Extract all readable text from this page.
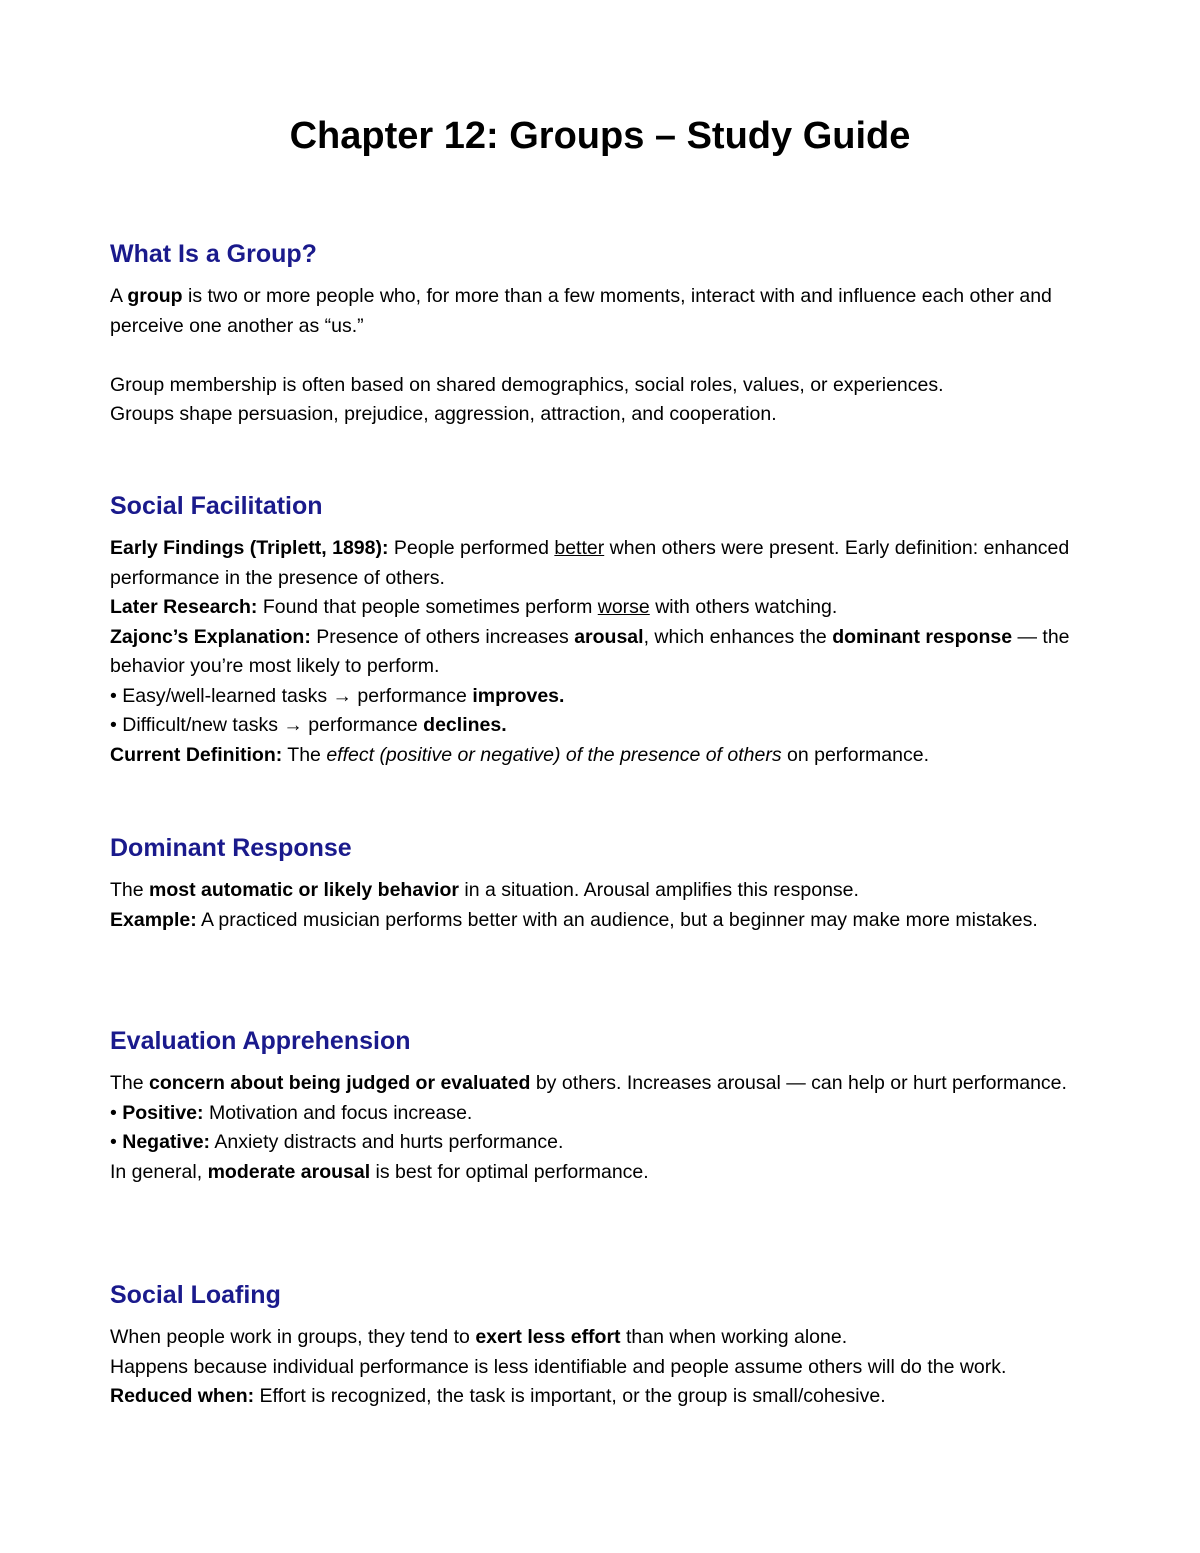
Chapter 12: Groups – Study Guide
What Is a Group?

A group is two or more people who, for more than a few moments, interact with and influence each other and perceive one another as “us.”

Group membership is often based on shared demographics, social roles, values, or experiences.

Groups shape persuasion, prejudice, aggression, attraction, and cooperation.

Social Facilitation

Early Findings (Triplett, 1898): People performed better when others were present. Early definition: enhanced performance in the presence of others.

Later Research: Found that people sometimes perform worse with others watching.

Zajonc’s Explanation: Presence of others increases arousal, which enhances the dominant response — the behavior you’re most likely to perform.

• Easy/well-learned tasks → performance improves.

• Difficult/new tasks → performance declines.

Current Definition: The effect (positive or negative) of the presence of others on performance.

Dominant Response

The most automatic or likely behavior in a situation. Arousal amplifies this response.

Example: A practiced musician performs better with an audience, but a beginner may make more mistakes.

Evaluation Apprehension

The concern about being judged or evaluated by others. Increases arousal — can help or hurt performance.

• Positive: Motivation and focus increase.

• Negative: Anxiety distracts and hurts performance.

In general, moderate arousal is best for optimal performance.

Social Loafing

When people work in groups, they tend to exert less effort than when working alone.

Happens because individual performance is less identifiable and people assume others will do the work.

Reduced when: Effort is recognized, the task is important, or the group is small/cohesive.
